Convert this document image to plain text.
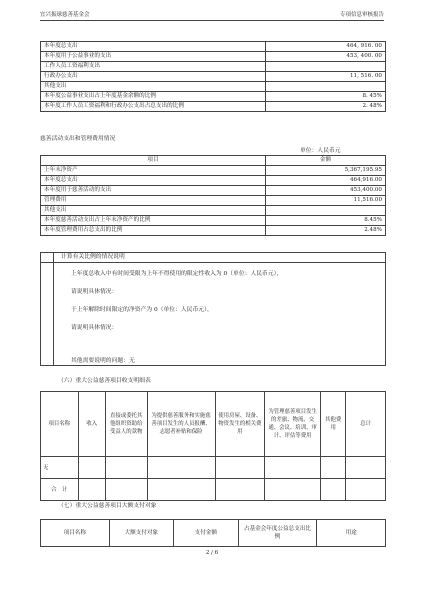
宜兴振球慈善基金会	专项信息审核报告
本年度总支出	464, 916. 00
本年度用于公益事业的支出	453, 400. 00
工作人员工资福利支出	
行政办公支出	11, 516. 00
其他支出	
本年度公益事业支出占上年度基金余额的比例	8. 45%
本年度工作人员工资福利和行政办公支出占总支出的比例	2. 48%
慈善活动支出和管理费用情况
单位：人民币元
项目	金额
上年末净资产	5,367,195.95
本年度总支出	464,916.00
本年度用于慈善活动的支出	453,400.00
管理费用	11,516.00
其他支出	
本年度慈善活动支出占上年末净资产的比例	8.45%
本年度管理费用占总支出的比例	2.48%
计算有关比例的情况说明

上年度总收入中有时间受限为上年不得使用的限定性收入为 0（单位：人民币元），

请说明具体情况：

于上年解除时间限定的净资产为 0（单位：人民币元），

请说明具体情况：

其他需要说明的问题：无

（六）重大公益慈善项目收支明细表
项目名称	收入	直接或委托其他组织资助给受益人的款物	为提供慈善服务和实施慈善项目发生的人员报酬、志愿者补贴和保险	使用房屋、设备、物资发生的相关费用	为管理慈善项目发生的差旅、物流、交通、会议、培训、审计、评估等费用	其他费用	总计
无							
合　计							
（七）重大公益慈善项目大额支付对象
项目名称	大额支付对象	支付金额	占基金会年度公益总支出比例	用途
2 / 6
